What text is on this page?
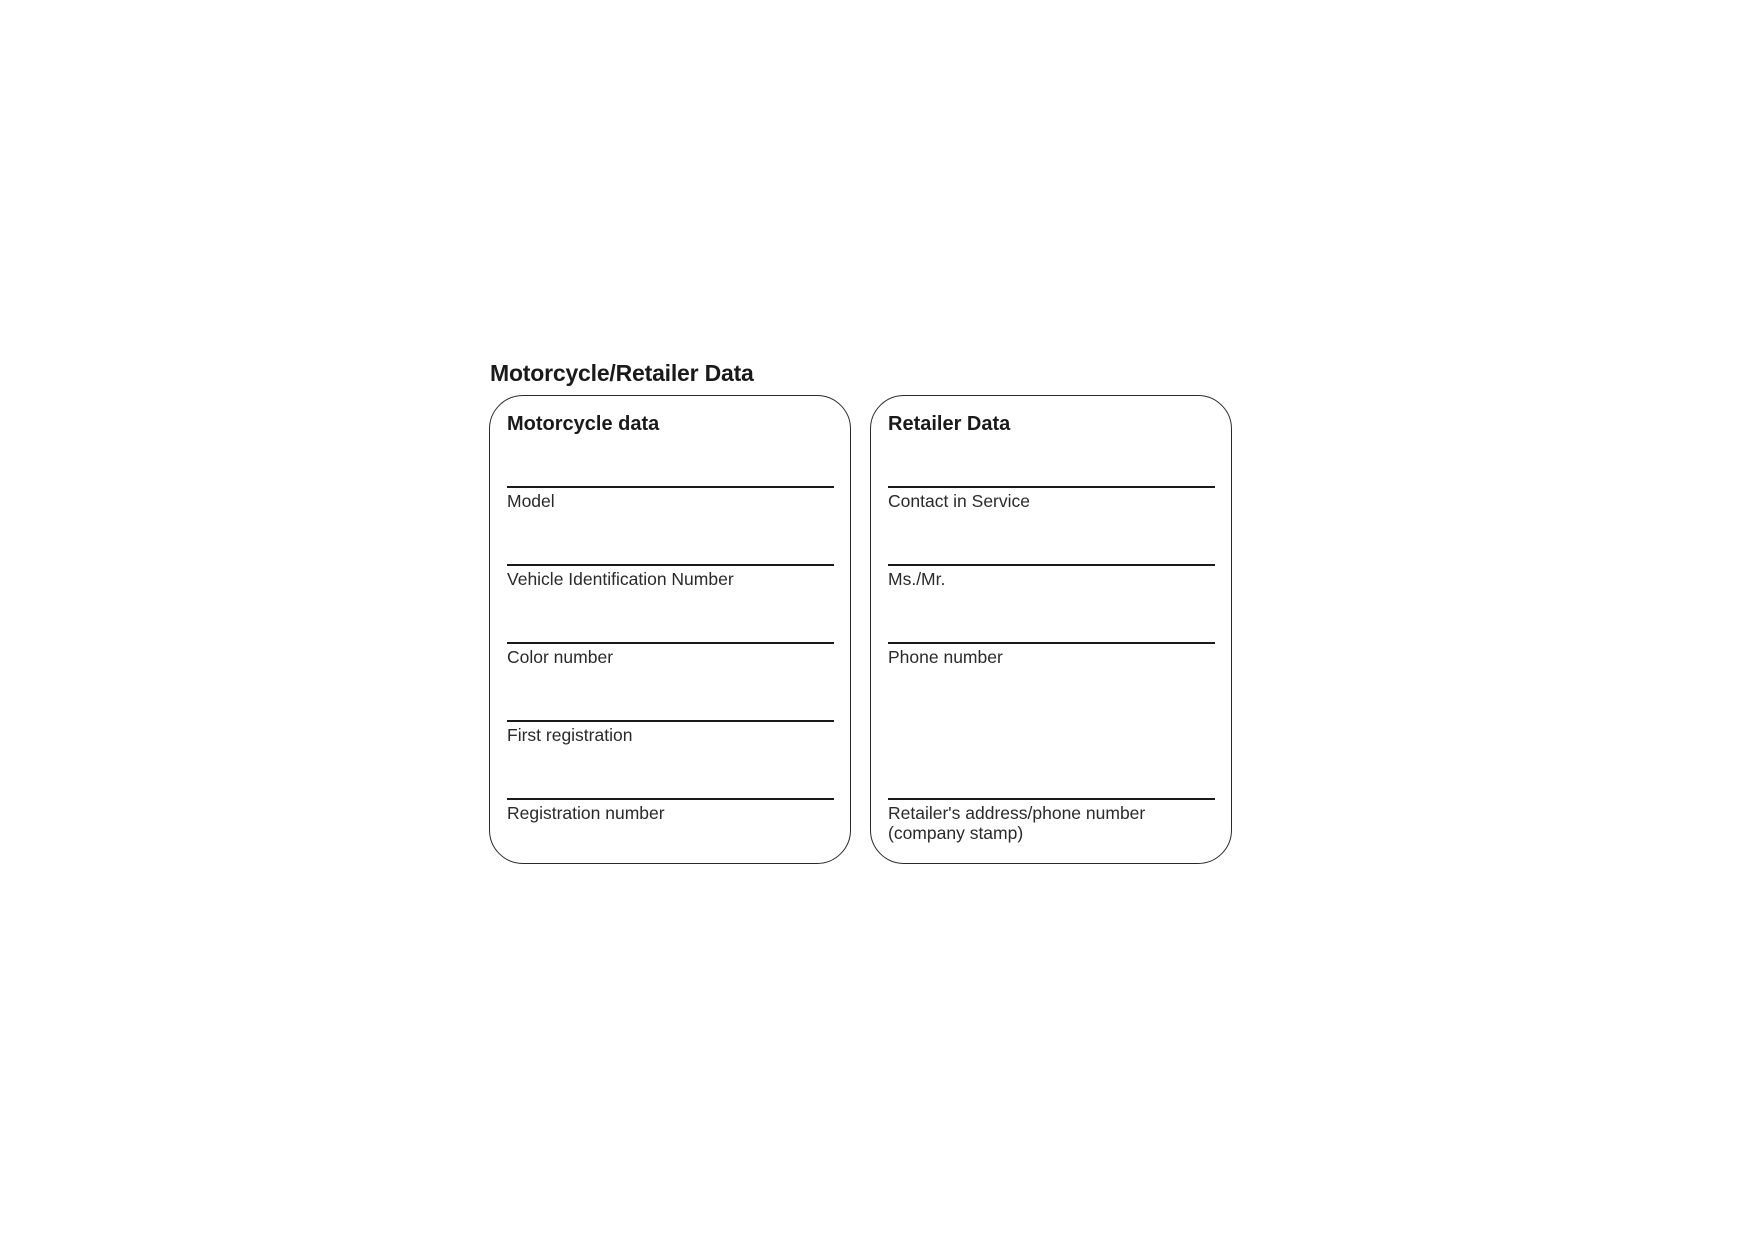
Motorcycle/Retailer Data
Motorcycle data
Model
Vehicle Identification Number
Color number
First registration
Registration number
Retailer Data
Contact in Service
Ms./Mr.
Phone number
Retailer's address/phone number
(company stamp)
